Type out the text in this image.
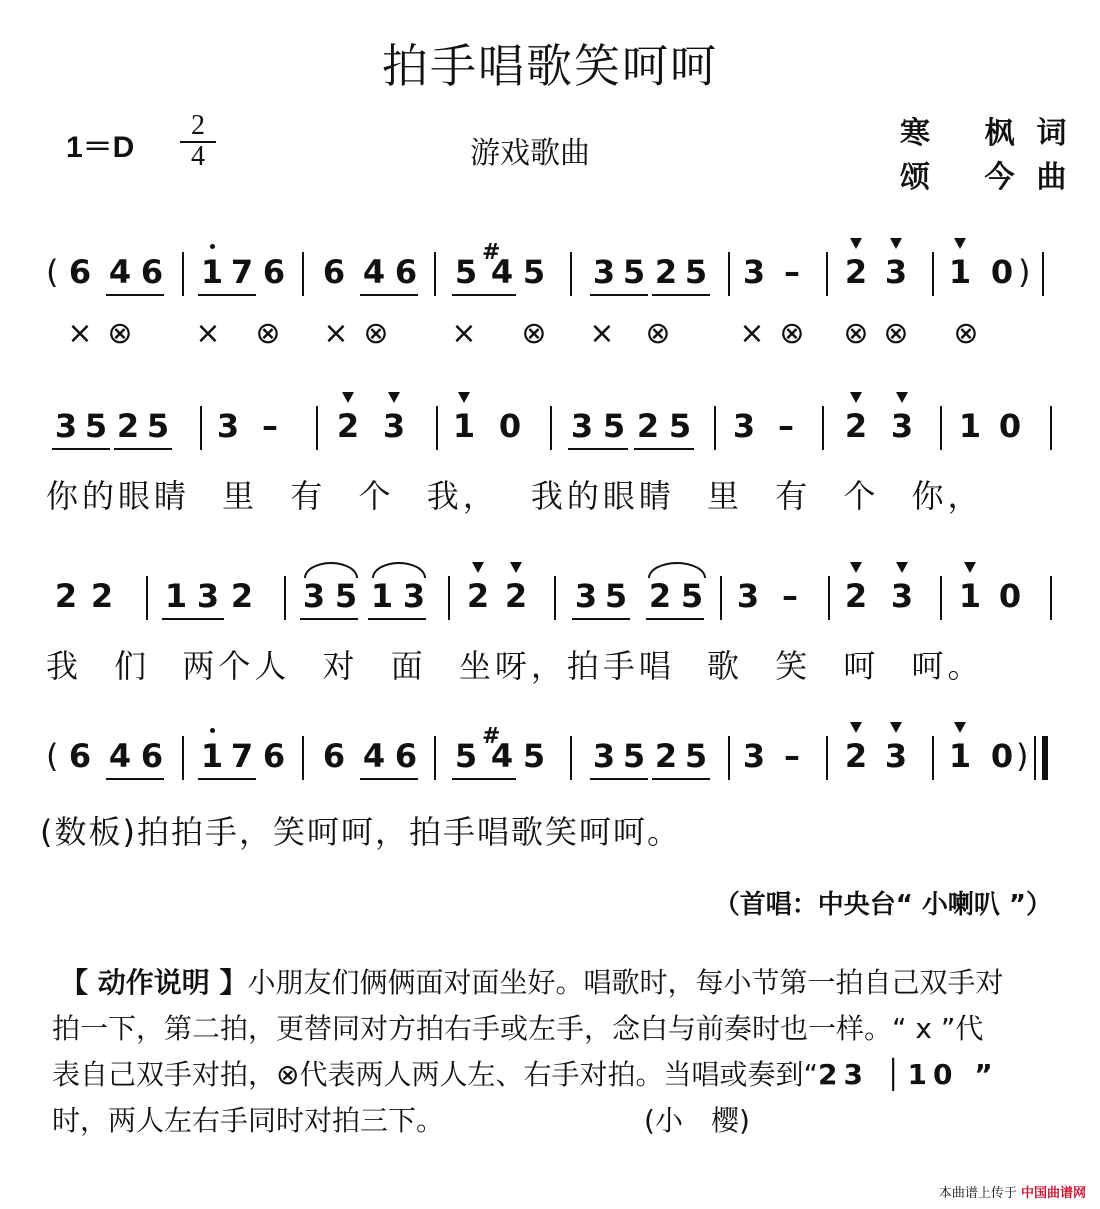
拍手唱歌笑呵呵
$1=D \frac{2}{4}$	游戏歌曲
寒 枫词
颂 今曲
( 6 4 6 1 7 6 6 4 6 5
#
4 5 3 5 2 5 3 – 2 3 1 0 )
× ⊗ × ⊗ × ⊗ × ⊗ × ⊗ × ⊗ ⊗ ⊗ ⊗
3 5 2 5 3 – 2 3 1 0 3 5 2 5 3 – 2 3 1 0
你的眼睛 里 有 个 我， 我的眼睛 里 有 个 你，
2 2 1 3 2 3 5 1 3 2 2 3 5 2 5 3 – 2 3 1 0
我 们 两个人 对 面 坐呀，拍手唱 歌 笑 呵 呵。
( 6 4 6 1 7 6 6 4 6 5
#
4 5 3 5 2 5 3 – 2 3 1 0 )
(数板)拍拍手，笑呵呵，拍手唱歌笑呵呵。
（首唱：中央台“ 小喇叭 ”）
【 动作说明 】小朋友们俩俩面对面坐好。唱歌时，每小节第一拍自己双手对
拍一下，第二拍，更替同对方拍右手或左手，念白与前奏时也一样。“ x ”代
表自己双手对拍，⊗代表两人两人左、右手对拍。当唱或奏到“23 │10 ”
时，两人左右手同时对拍三下。	(小　樱)
本曲谱上传于 中国曲谱网
